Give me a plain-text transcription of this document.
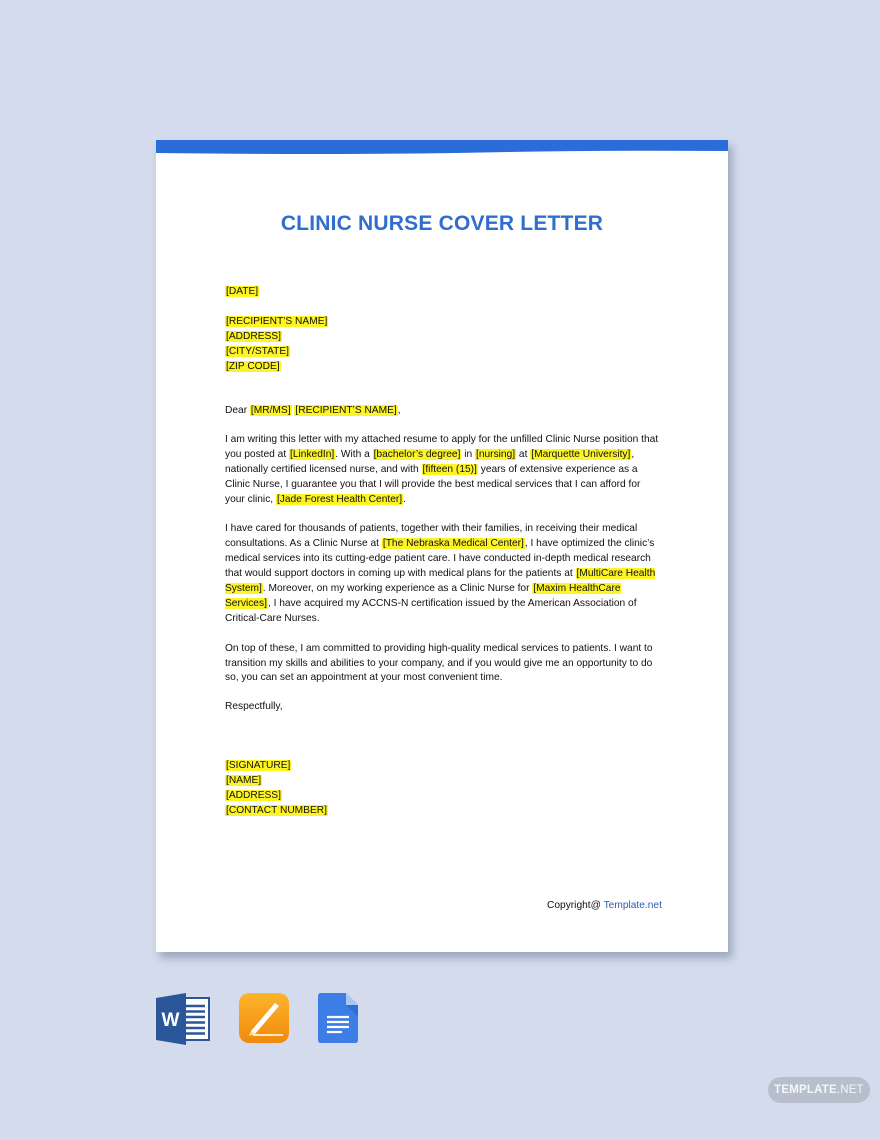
CLINIC NURSE COVER LETTER
[DATE]
[RECIPIENT’S NAME]
[ADDRESS]
[CITY/STATE]
[ZIP CODE]
Dear [MR/MS] [RECIPIENT’S NAME],

I am writing this letter with my attached resume to apply for the unfilled Clinic Nurse position that you posted at [LinkedIn]. With a [bachelor’s degree] in [nursing] at [Marquette University], nationally certified licensed nurse, and with [fifteen (15)] years of extensive experience as a Clinic Nurse, I guarantee you that I will provide the best medical services that I can afford for your clinic, [Jade Forest Health Center].

I have cared for thousands of patients, together with their families, in receiving their medical consultations. As a Clinic Nurse at [The Nebraska Medical Center], I have optimized the clinic’s medical services into its cutting-edge patient care. I have conducted in-depth medical research that would support doctors in coming up with medical plans for the patients at [MultiCare Health System]. Moreover, on my working experience as a Clinic Nurse for [Maxim HealthCare Services], I have acquired my ACCNS-N certification issued by the American Association of Critical-Care Nurses.

On top of these, I am committed to providing high-quality medical services to patients. I want to transition my skills and abilities to your company, and if you would give me an opportunity to do so, you can set an appointment at your most convenient time.

Respectfully,
[SIGNATURE]
[NAME]
[ADDRESS]
[CONTACT NUMBER]
Copyright@ Template.net
W
TEMPLATE.NET
